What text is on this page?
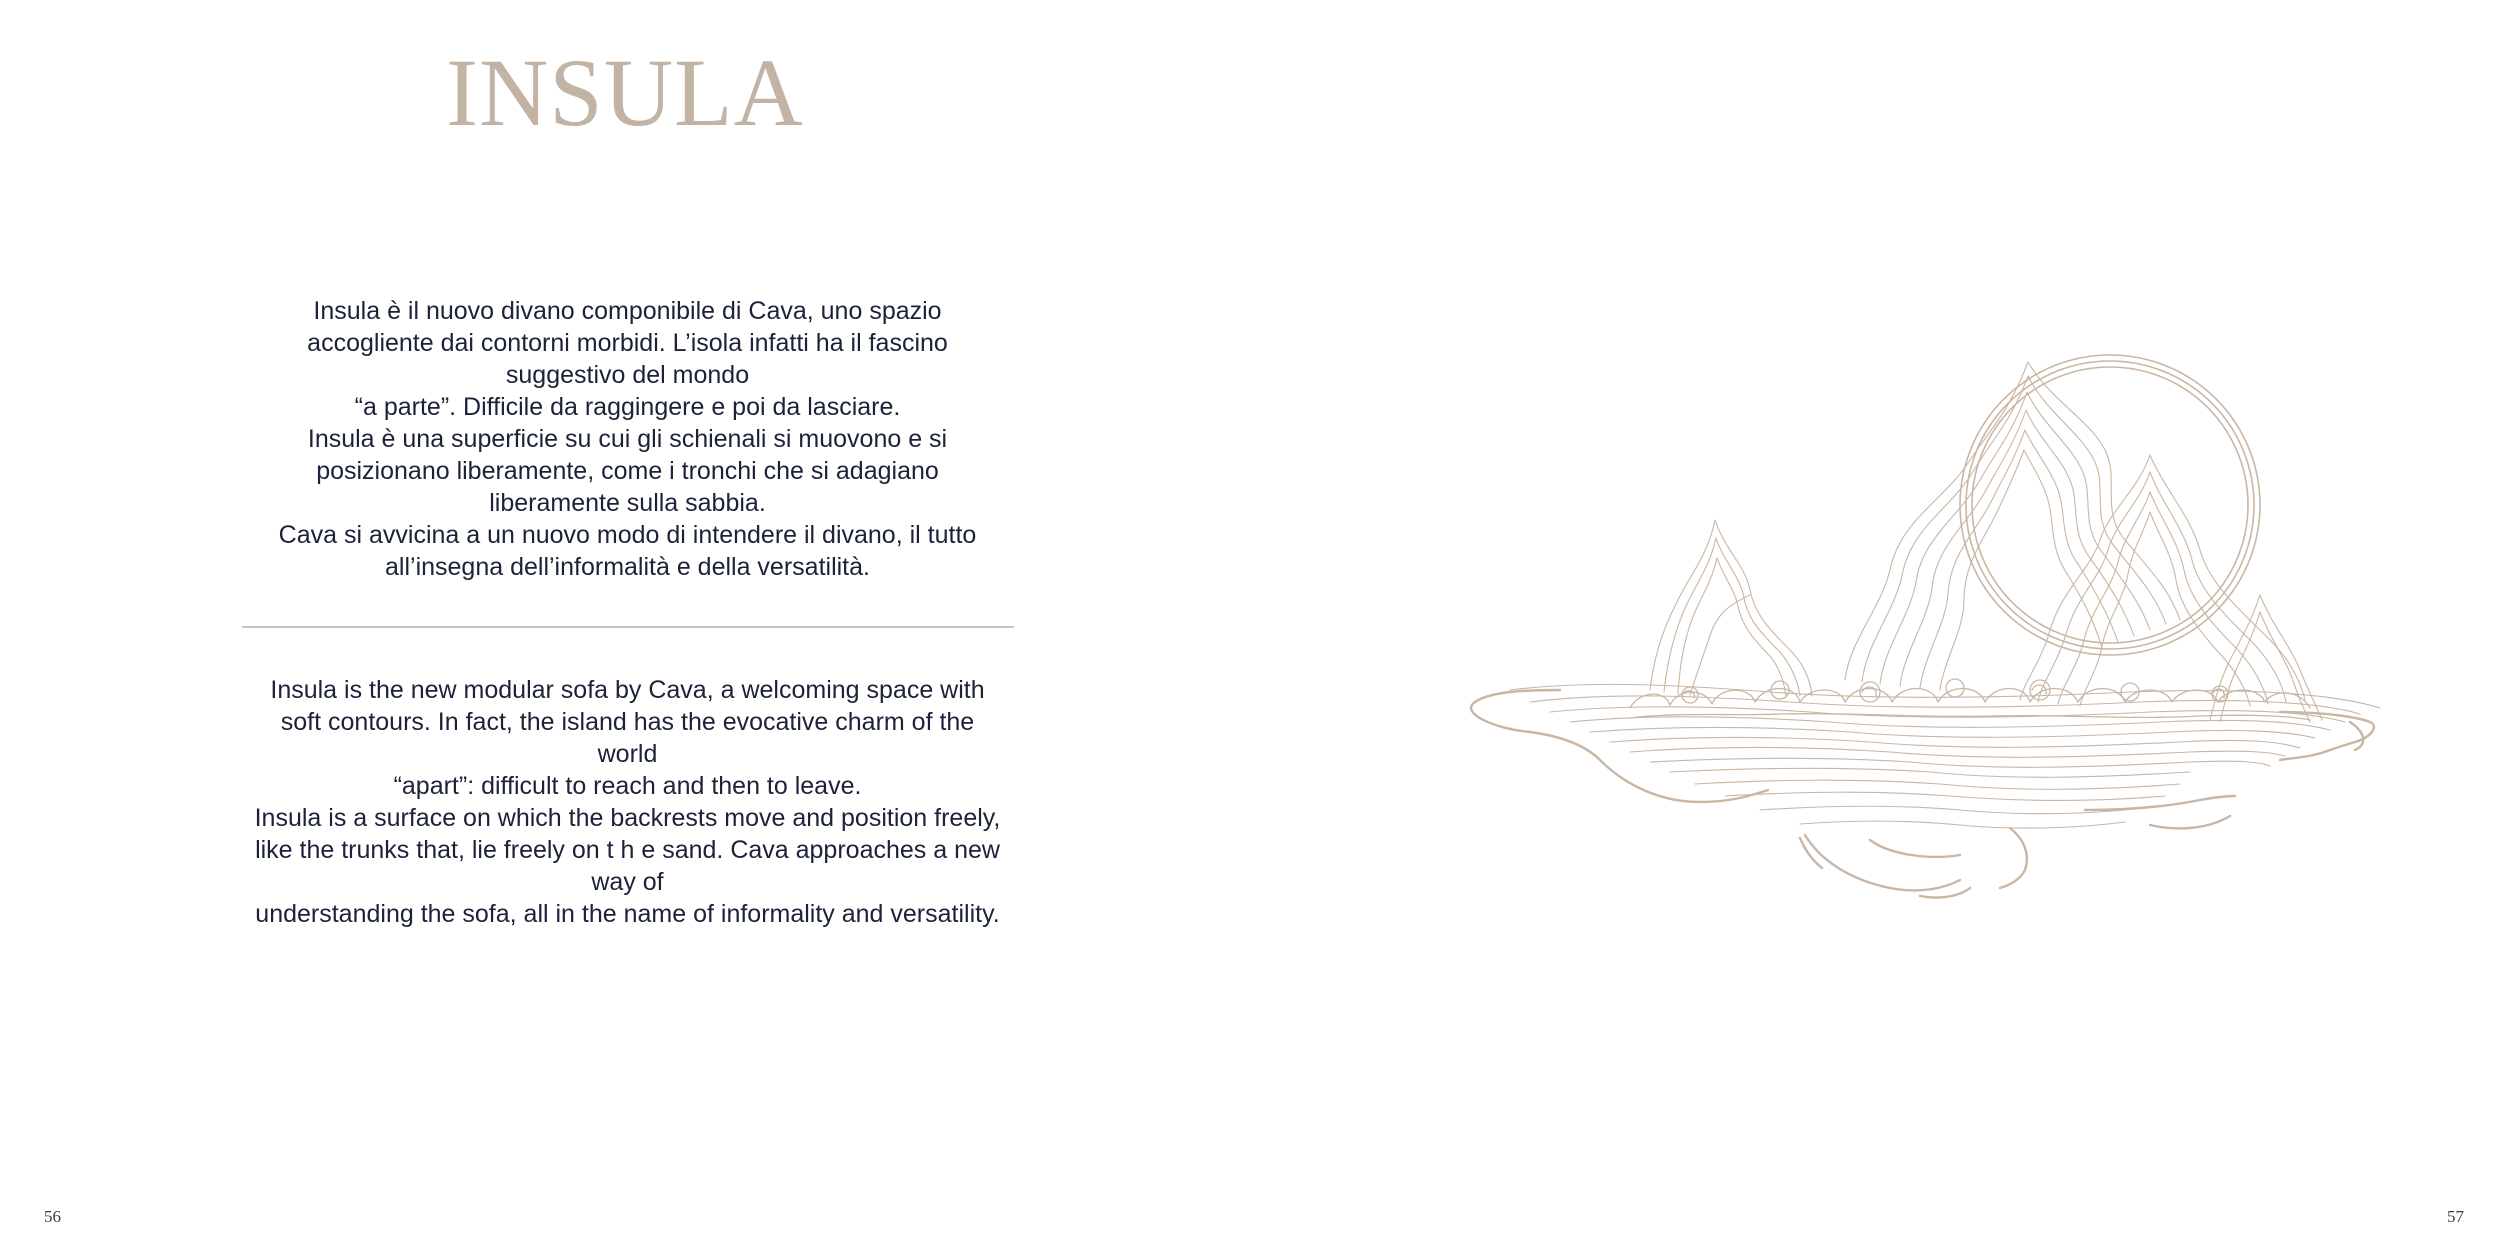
INSULA

Insula è il nuovo divano componibile di Cava, uno spazio

accogliente dai contorni morbidi. L’isola infatti ha il fascino

suggestivo del mondo

“a parte”. Difficile da raggingere e poi da lasciare.

Insula è una superficie su cui gli schienali si muovono e si

posizionano liberamente, come i tronchi che si adagiano

liberamente sulla sabbia.

Cava si avvicina a un nuovo modo di intendere il divano, il tutto

all’insegna dell’informalità e della versatilità.

Insula is the new modular sofa by Cava, a welcoming space with

soft contours. In fact, the island has the evocative charm of the

world

“apart”: difficult to reach and then to leave.

Insula is a surface on which the backrests move and position freely,

like the trunks that, lie freely on t h e sand. Cava approaches a new

way of

understanding the sofa, all in the name of informality and versatility.

56	57
